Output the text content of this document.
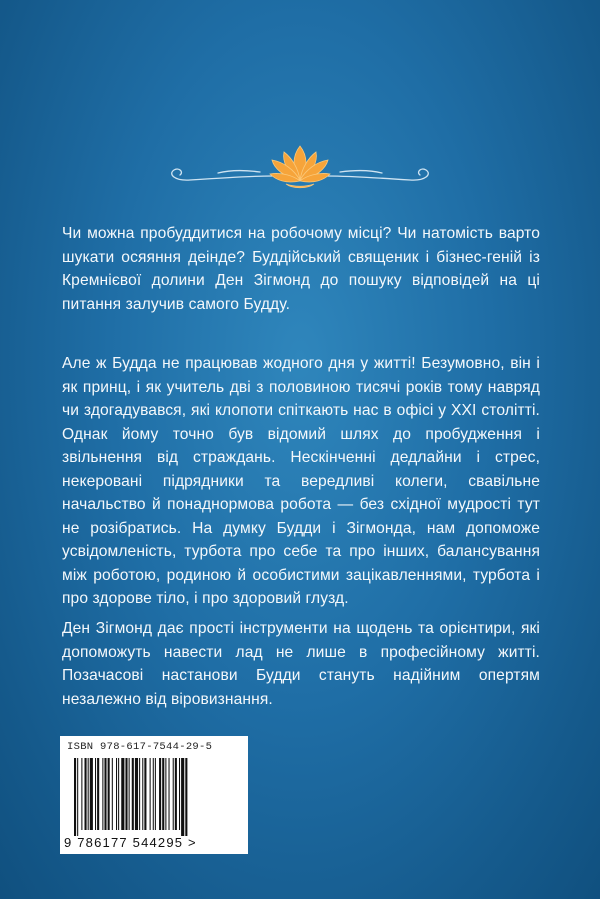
Чи можна пробуддитися на робочому місці? Чи натомість варто шукати осяяння деінде? Буддійський священик і бізнес-геній із Кремнієвої долини Ден Зігмонд до пошуку відповідей на ці питання залучив самого Будду.

Але ж Будда не працював жодного дня у житті! Безумовно, він і як принц, і як учитель дві з половиною тисячі років тому навряд чи здогадувався, які клопоти спіткають нас в офісі у XXI столітті. Однак йому точно був відомий шлях до пробудження і звільнення від страждань. Нескінченні дедлайни і стрес, некеровані підрядники та вередливі колеги, свавільне начальство й понаднормова робота — без східної мудрості тут не розібратись. На думку Будди і Зігмонда, нам допоможе усвідомленість, турбота про себе та про інших, балансування між роботою, родиною й особистими зацікавленнями, турбота і про здорове тіло, і про здоровий глузд.

Ден Зігмонд дає прості інструменти на щодень та орієнтири, які допоможуть навести лад не лише в професійному житті. Позачасові настанови Будди стануть надійним опертям незалежно від віровизнання.

ISBN 978-617-7544-29-5
9 786177 544295 >
